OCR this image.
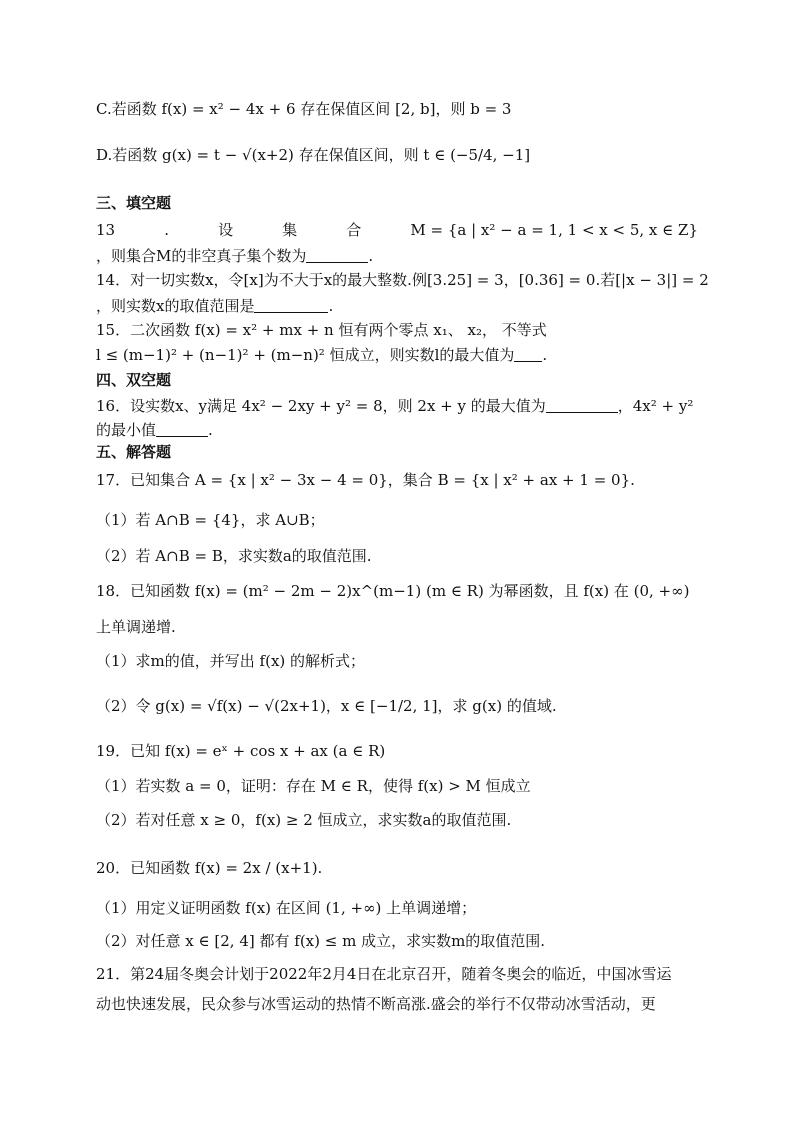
C.若函数 f(x) = x² − 4x + 6 存在保值区间 [2, b]，则 b = 3
D.若函数 g(x) = t − √(x+2) 存在保值区间，则 t ∈ (−5/4, −1]
三、填空题
13	.	设	集	合	M = {a | x² − a = 1, 1 < x < 5, x ∈ Z}
，则集合M的非空真子集个数为	.
14．对一切实数x，令[x]为不大于x的最大整数.例[3.25] = 3，[0.36] = 0.若[|x − 3|] = 2
，则实数x的取值范围是	.
15．二次函数 f(x) = x² + mx + n 恒有两个零点 x₁、 x₂， 不等式
l ≤ (m−1)² + (n−1)² + (m−n)² 恒成立，则实数l的最大值为 .
四、双空题
16．设实数x、y满足 4x² − 2xy + y² = 8，则 2x + y 的最大值为	，4x² + y²
的最小值	.
五、解答题
17．已知集合 A = {x | x² − 3x − 4 = 0}，集合 B = {x | x² + ax + 1 = 0}.
（1）若 A∩B = {4}，求 A∪B；
（2）若 A∩B = B，求实数a的取值范围.
18．已知函数 f(x) = (m² − 2m − 2)x^(m−1) (m ∈ R) 为幂函数，且 f(x) 在 (0, +∞)
上单调递增.
（1）求m的值，并写出 f(x) 的解析式；
（2）令 g(x) = √f(x) − √(2x+1)，x ∈ [−1/2, 1]，求 g(x) 的值域.
19．已知 f(x) = eˣ + cos x + ax (a ∈ R)
（1）若实数 a = 0，证明：存在 M ∈ R，使得 f(x) > M 恒成立
（2）若对任意 x ≥ 0，f(x) ≥ 2 恒成立，求实数a的取值范围.
20．已知函数 f(x) = 2x / (x+1).
（1）用定义证明函数 f(x) 在区间 (1, +∞) 上单调递增；
（2）对任意 x ∈ [2, 4] 都有 f(x) ≤ m 成立，求实数m的取值范围.
21．第24届冬奥会计划于2022年2月4日在北京召开，随着冬奥会的临近，中国冰雪运
动也快速发展，民众参与冰雪运动的热情不断高涨.盛会的举行不仅带动冰雪活动，更
